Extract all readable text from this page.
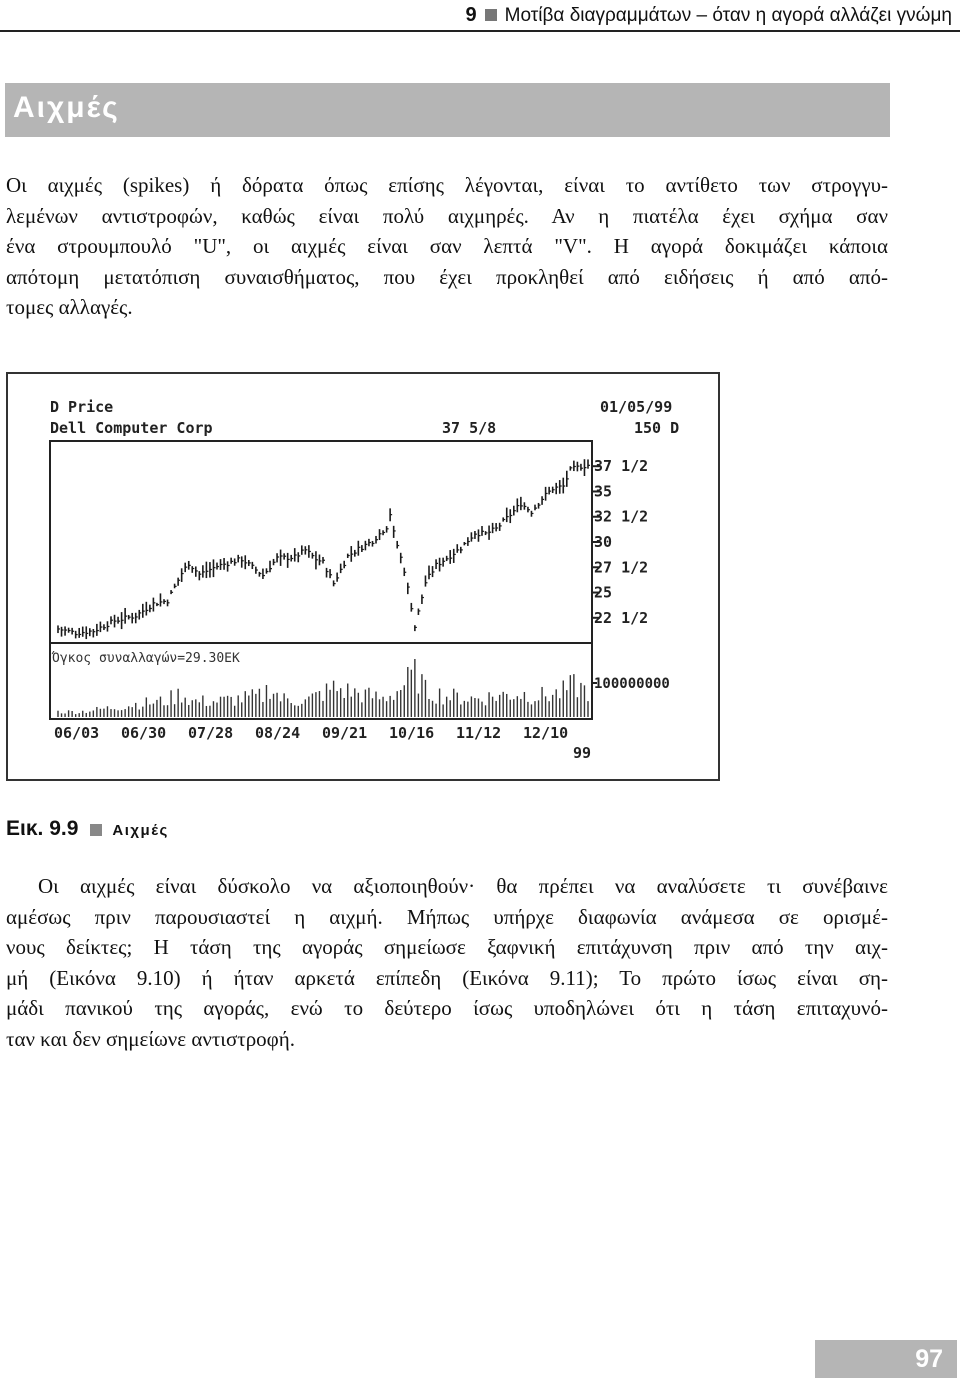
9 Μοτίβα διαγραμμάτων – όταν η αγορά αλλάζει γνώμη
Αιχμές
Οι αιχμές (spikes) ή δόρατα όπως επίσης λέγονται, είναι το αντίθετο των στρογγυ-
λεμένων αντιστροφών, καθώς είναι πολύ αιχμηρές. Αν η πιατέλα έχει σχήμα σαν
ένα στρουμπουλό "U", οι αιχμές είναι σαν λεπτά "V". Η αγορά δοκιμάζει κάποια
απότομη μετατόπιση συναισθήματος, που έχει προκληθεί από ειδήσεις ή από από-
τομες αλλαγές.
D Price
Dell Computer Corp	37 5/8
01/05/99
150 D
Όγκος συναλλαγών=29.30ΕΚ
100000000
37 1/2
35
32 1/2
30
27 1/2
25
22 1/2
06/03 06/30 07/28 08/24 09/21 10/16 11/12 12/10
99
Εικ. 9.9 Αιχμές
Οι αιχμές είναι δύσκολο να αξιοποιηθούν· θα πρέπει να αναλύσετε τι συνέβαινε
αμέσως πριν παρουσιαστεί η αιχμή. Μήπως υπήρχε διαφωνία ανάμεσα σε ορισμέ-
νους δείκτες; Η τάση της αγοράς σημείωσε ξαφνική επιτάχυνση πριν από την αιχ-
μή (Εικόνα 9.10) ή ήταν αρκετά επίπεδη (Εικόνα 9.11); Το πρώτο ίσως είναι ση-
μάδι πανικού της αγοράς, ενώ το δεύτερο ίσως υποδηλώνει ότι η τάση επιταχυνό-
ταν και δεν σημείωνε αντιστροφή.
97
